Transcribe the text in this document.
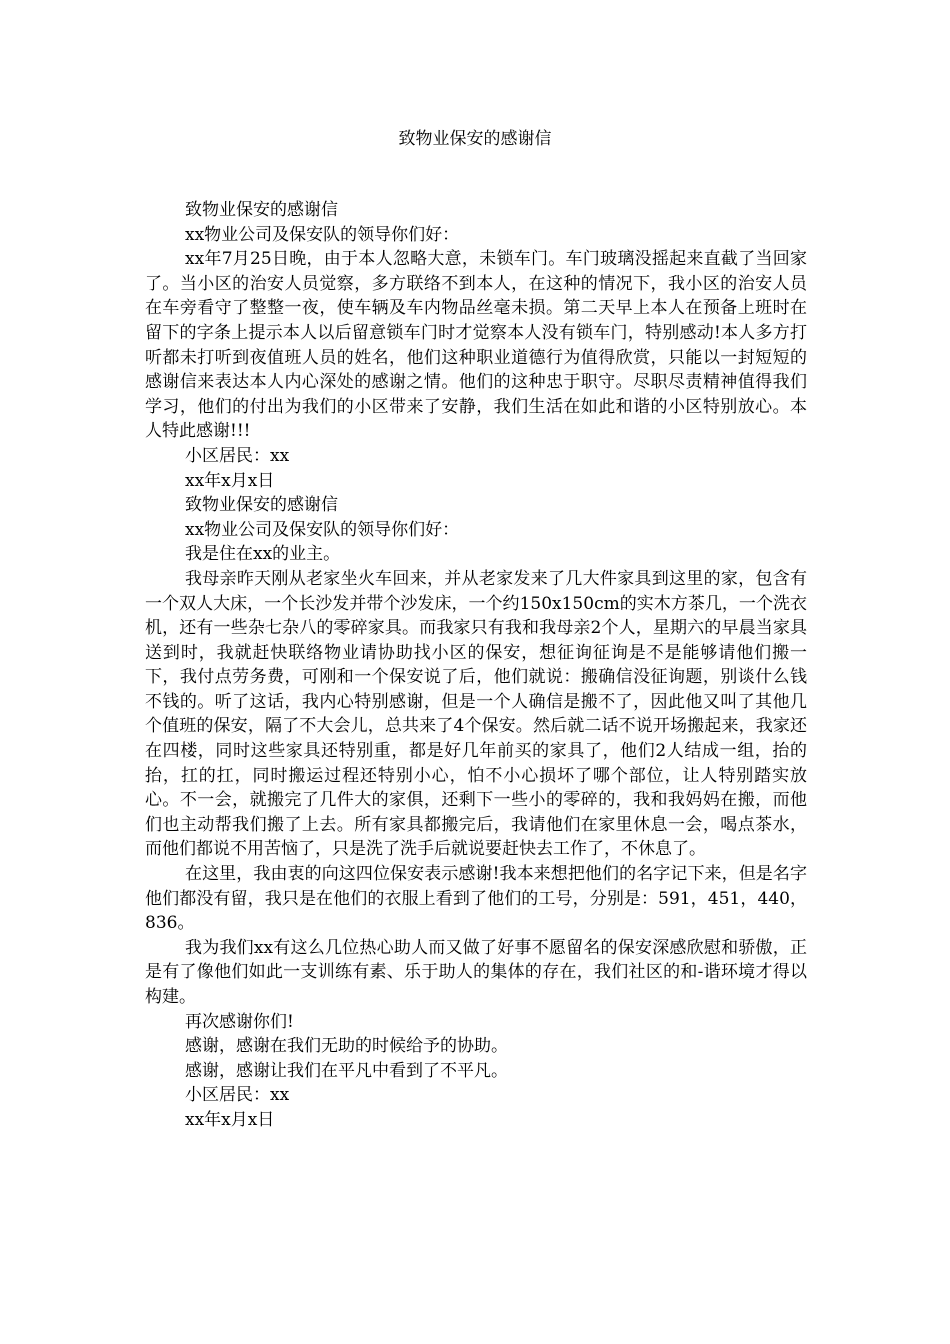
致物业保安的感谢信

致物业保安的感谢信

xx物业公司及保安队的领导你们好：

xx年7月25日晚，由于本人忽略大意，未锁车门。车门玻璃没摇起来直截了当回家了。当小区的治安人员觉察，多方联络不到本人，在这种的情况下，我小区的治安人员在车旁看守了整整一夜，使车辆及车内物品丝毫未损。第二天早上本人在预备上班时在留下的字条上提示本人以后留意锁车门时才觉察本人没有锁车门，特别感动!本人多方打听都未打听到夜值班人员的姓名，他们这种职业道德行为值得欣赏，只能以一封短短的感谢信来表达本人内心深处的感谢之情。他们的这种忠于职守。尽职尽责精神值得我们学习，他们的付出为我们的小区带来了安静，我们生活在如此和谐的小区特别放心。本人特此感谢!!!

小区居民：xx

xx年x月x日

致物业保安的感谢信

xx物业公司及保安队的领导你们好：

我是住在xx的业主。

我母亲昨天刚从老家坐火车回来，并从老家发来了几大件家具到这里的家，包含有一个双人大床，一个长沙发并带个沙发床，一个约150x150cm的实木方茶几，一个洗衣机，还有一些杂七杂八的零碎家具。而我家只有我和我母亲2个人，星期六的早晨当家具送到时，我就赶快联络物业请协助找小区的保安，想征询征询是不是能够请他们搬一下，我付点劳务费，可刚和一个保安说了后，他们就说：搬确信没征询题，别谈什么钱不钱的。听了这话，我内心特别感谢，但是一个人确信是搬不了，因此他又叫了其他几个值班的保安，隔了不大会儿，总共来了4个保安。然后就二话不说开场搬起来，我家还在四楼，同时这些家具还特别重，都是好几年前买的家具了，他们2人结成一组，抬的抬，扛的扛，同时搬运过程还特别小心，怕不小心损坏了哪个部位，让人特别踏实放心。不一会，就搬完了几件大的家俱，还剩下一些小的零碎的，我和我妈妈在搬，而他们也主动帮我们搬了上去。所有家具都搬完后，我请他们在家里休息一会，喝点茶水，而他们都说不用苦恼了，只是洗了洗手后就说要赶快去工作了，不休息了。

在这里，我由衷的向这四位保安表示感谢!我本来想把他们的名字记下来，但是名字他们都没有留，我只是在他们的衣服上看到了他们的工号，分别是：591，451，440，836。

我为我们xx有这么几位热心助人而又做了好事不愿留名的保安深感欣慰和骄傲，正是有了像他们如此一支训练有素、乐于助人的集体的存在，我们社区的和-谐环境才得以构建。

再次感谢你们!

感谢，感谢在我们无助的时候给予的协助。

感谢，感谢让我们在平凡中看到了不平凡。

小区居民：xx

xx年x月x日
